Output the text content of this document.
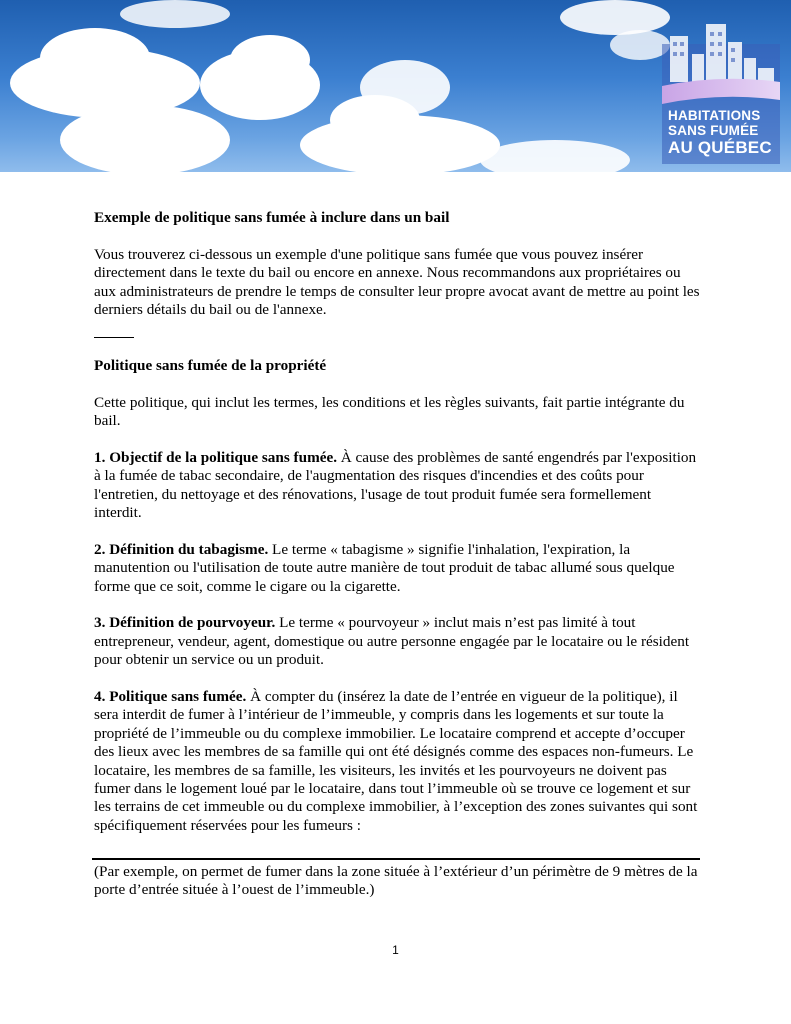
HABITATIONS
SANS FUMÉE
AU QUÉBEC

Exemple de politique sans fumée à inclure dans un bail

Vous trouverez ci-dessous un exemple d'une politique sans fumée que vous pouvez insérer directement dans le texte du bail ou encore en annexe. Nous recommandons aux propriétaires ou aux administrateurs de prendre le temps de consulter leur propre avocat avant de mettre au point les derniers détails du bail ou de l'annexe.

Politique sans fumée de la propriété

Cette politique, qui inclut les termes, les conditions et les règles suivants, fait partie intégrante du bail.

1. Objectif de la politique sans fumée. À cause des problèmes de santé engendrés par l'exposition à la fumée de tabac secondaire, de l'augmentation des risques d'incendies et des coûts pour l'entretien, du nettoyage et des rénovations, l'usage de tout produit fumée sera formellement interdit.

2. Définition du tabagisme. Le terme « tabagisme » signifie l'inhalation, l'expiration, la manutention ou l'utilisation de toute autre manière de tout produit de tabac allumé sous quelque forme que ce soit, comme le cigare ou la cigarette.

3. Définition de pourvoyeur. Le terme « pourvoyeur » inclut mais n’est pas limité à tout entrepreneur, vendeur, agent, domestique ou autre personne engagée par le locataire ou le résident pour obtenir un service ou un produit.

4. Politique sans fumée. À compter du (insérez la date de l’entrée en vigueur de la politique), il sera interdit de fumer à l’intérieur de l’immeuble, y compris dans les logements et sur toute la propriété de l’immeuble ou du complexe immobilier. Le locataire comprend et accepte d’occuper des lieux avec les membres de sa famille qui ont été désignés comme des espaces non-fumeurs. Le locataire, les membres de sa famille, les visiteurs, les invités et les pourvoyeurs ne doivent pas fumer dans le logement loué par le locataire, dans tout l’immeuble où se trouve ce logement et sur les terrains de cet immeuble ou du complexe immobilier, à l’exception des zones suivantes qui sont spécifiquement réservées pour les fumeurs :

(Par exemple, on permet de fumer dans la zone située à l’extérieur d’un périmètre de 9 mètres de la porte d’entrée située à l’ouest de l’immeuble.)

1
